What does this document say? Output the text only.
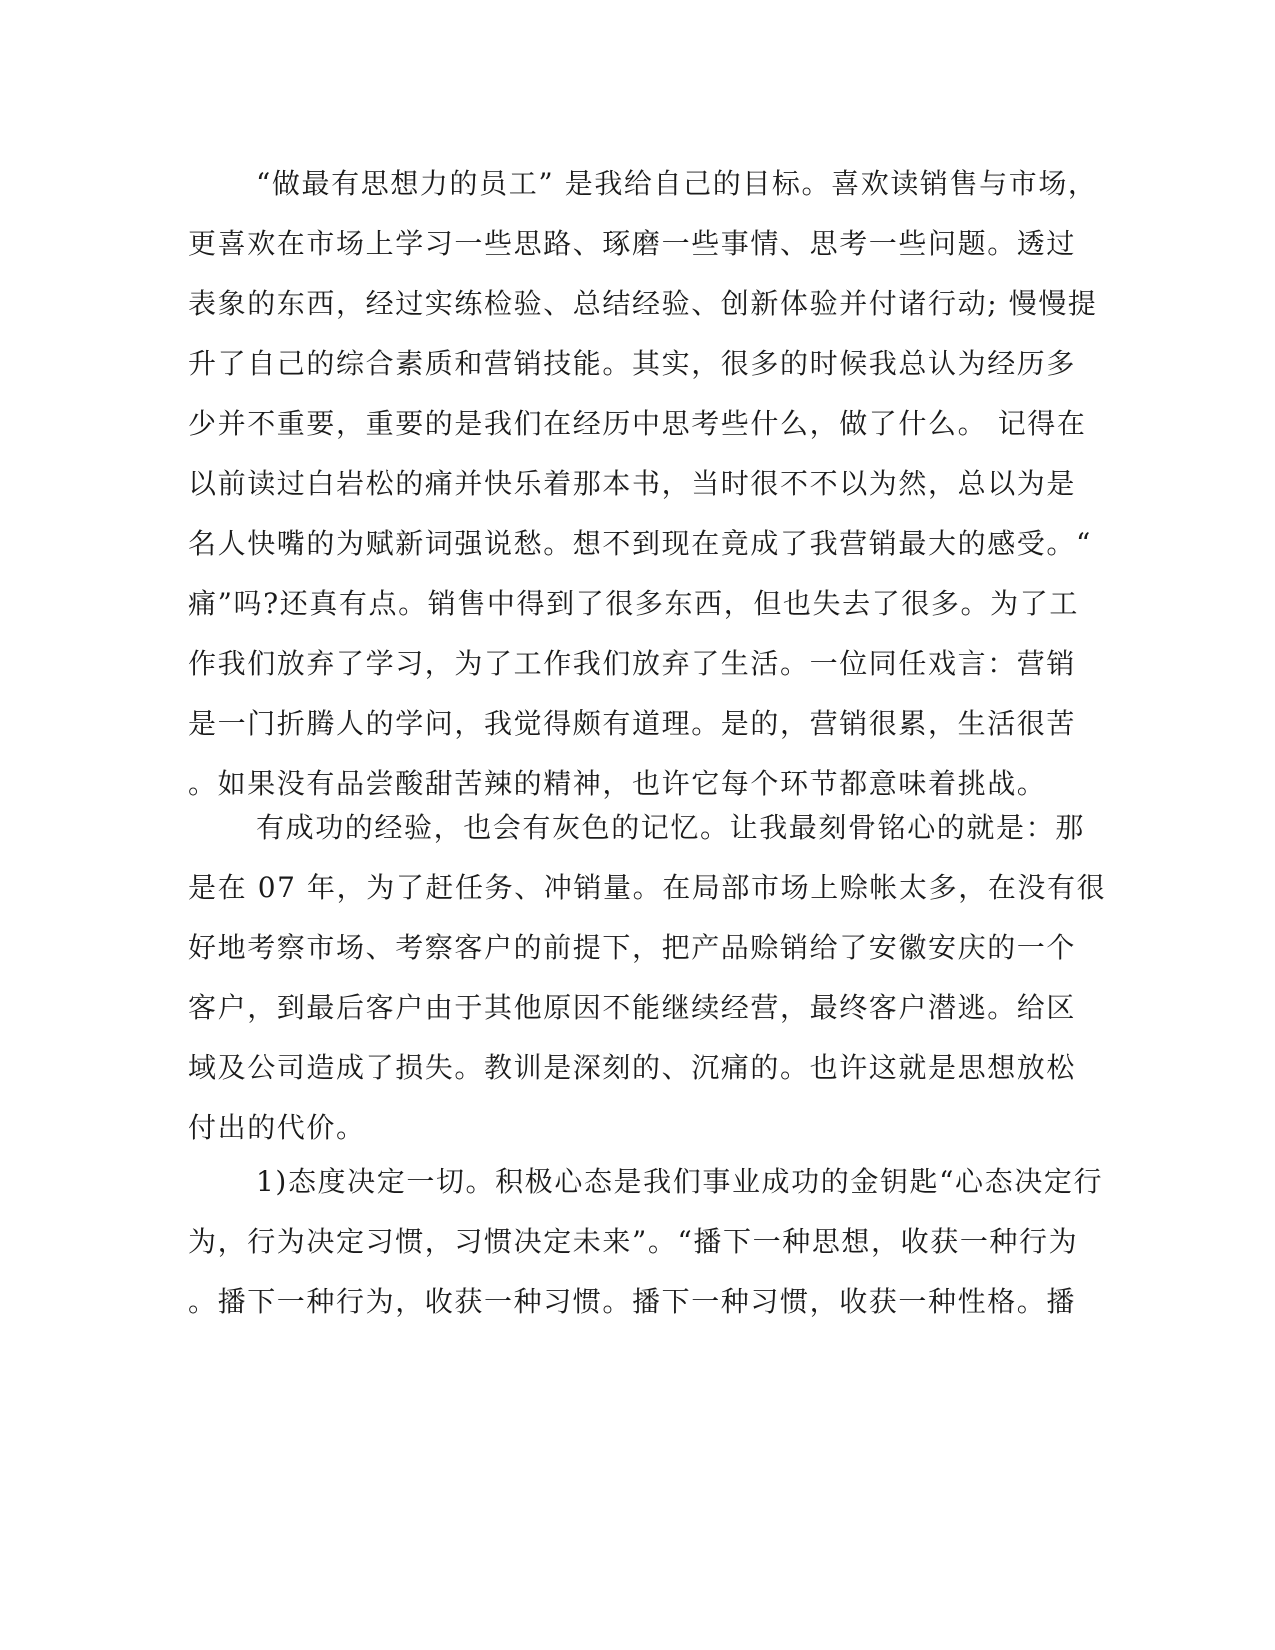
“做最有思想力的员工” 是我给自己的目标。喜欢读销售与市场，
更喜欢在市场上学习一些思路、琢磨一些事情、思考一些问题。透过
表象的东西，经过实练检验、总结经验、创新体验并付诸行动; 慢慢提
升了自己的综合素质和营销技能。其实，很多的时候我总认为经历多
少并不重要，重要的是我们在经历中思考些什么，做了什么。 记得在
以前读过白岩松的痛并快乐着那本书，当时很不不以为然，总以为是
名人快嘴的为赋新词强说愁。想不到现在竟成了我营销最大的感受。“
痛”吗?还真有点。销售中得到了很多东西，但也失去了很多。为了工
作我们放弃了学习，为了工作我们放弃了生活。一位同任戏言：营销
是一门折腾人的学问，我觉得颇有道理。是的，营销很累，生活很苦
。如果没有品尝酸甜苦辣的精神，也许它每个环节都意味着挑战。
有成功的经验，也会有灰色的记忆。让我最刻骨铭心的就是：那
是在 07 年，为了赶任务、冲销量。在局部市场上赊帐太多，在没有很
好地考察市场、考察客户的前提下，把产品赊销给了安徽安庆的一个
客户，到最后客户由于其他原因不能继续经营，最终客户潜逃。给区
域及公司造成了损失。教训是深刻的、沉痛的。也许这就是思想放松
付出的代价。
1)态度决定一切。积极心态是我们事业成功的金钥匙“心态决定行
为，行为决定习惯，习惯决定未来”。“播下一种思想，收获一种行为
。播下一种行为，收获一种习惯。播下一种习惯，收获一种性格。播
